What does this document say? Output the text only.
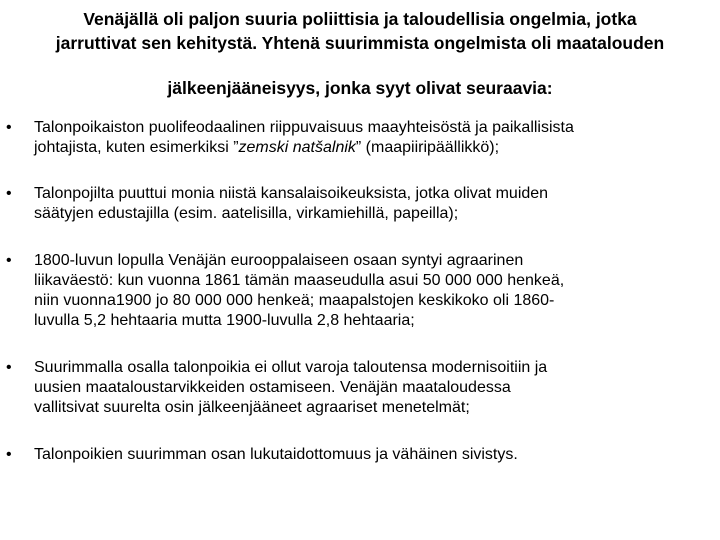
Venäjällä oli paljon suuria poliittisia ja taloudellisia ongelmia, jotka
jarruttivat sen kehitystä. Yhtenä suurimmista ongelmista oli maatalouden
jälkeenjääneisyys, jonka syyt olivat seuraavia:
• Talonpoikaiston puolifeodaalinen riippuvaisuus maayhteisöstä ja paikallisista
johtajista, kuten esimerkiksi ”zemski natšalnik” (maapiiripäällikkö);
• Talonpojilta puuttui monia niistä kansalaisoikeuksista, jotka olivat muiden
säätyjen edustajilla (esim. aatelisilla, virkamiehillä, papeilla);
• 1800-luvun lopulla Venäjän eurooppalaiseen osaan syntyi agraarinen
liikaväestö: kun vuonna 1861 tämän maaseudulla asui 50 000 000 henkeä,
niin vuonna1900 jo 80 000 000 henkeä; maapalstojen keskikoko oli 1860-
luvulla 5,2 hehtaaria mutta 1900-luvulla 2,8 hehtaaria;
• Suurimmalla osalla talonpoikia ei ollut varoja taloutensa modernisoitiin ja
uusien maataloustarvikkeiden ostamiseen. Venäjän maataloudessa
vallitsivat suurelta osin jälkeenjääneet agraariset menetelmät;
• Talonpoikien suurimman osan lukutaidottomuus ja vähäinen sivistys.
